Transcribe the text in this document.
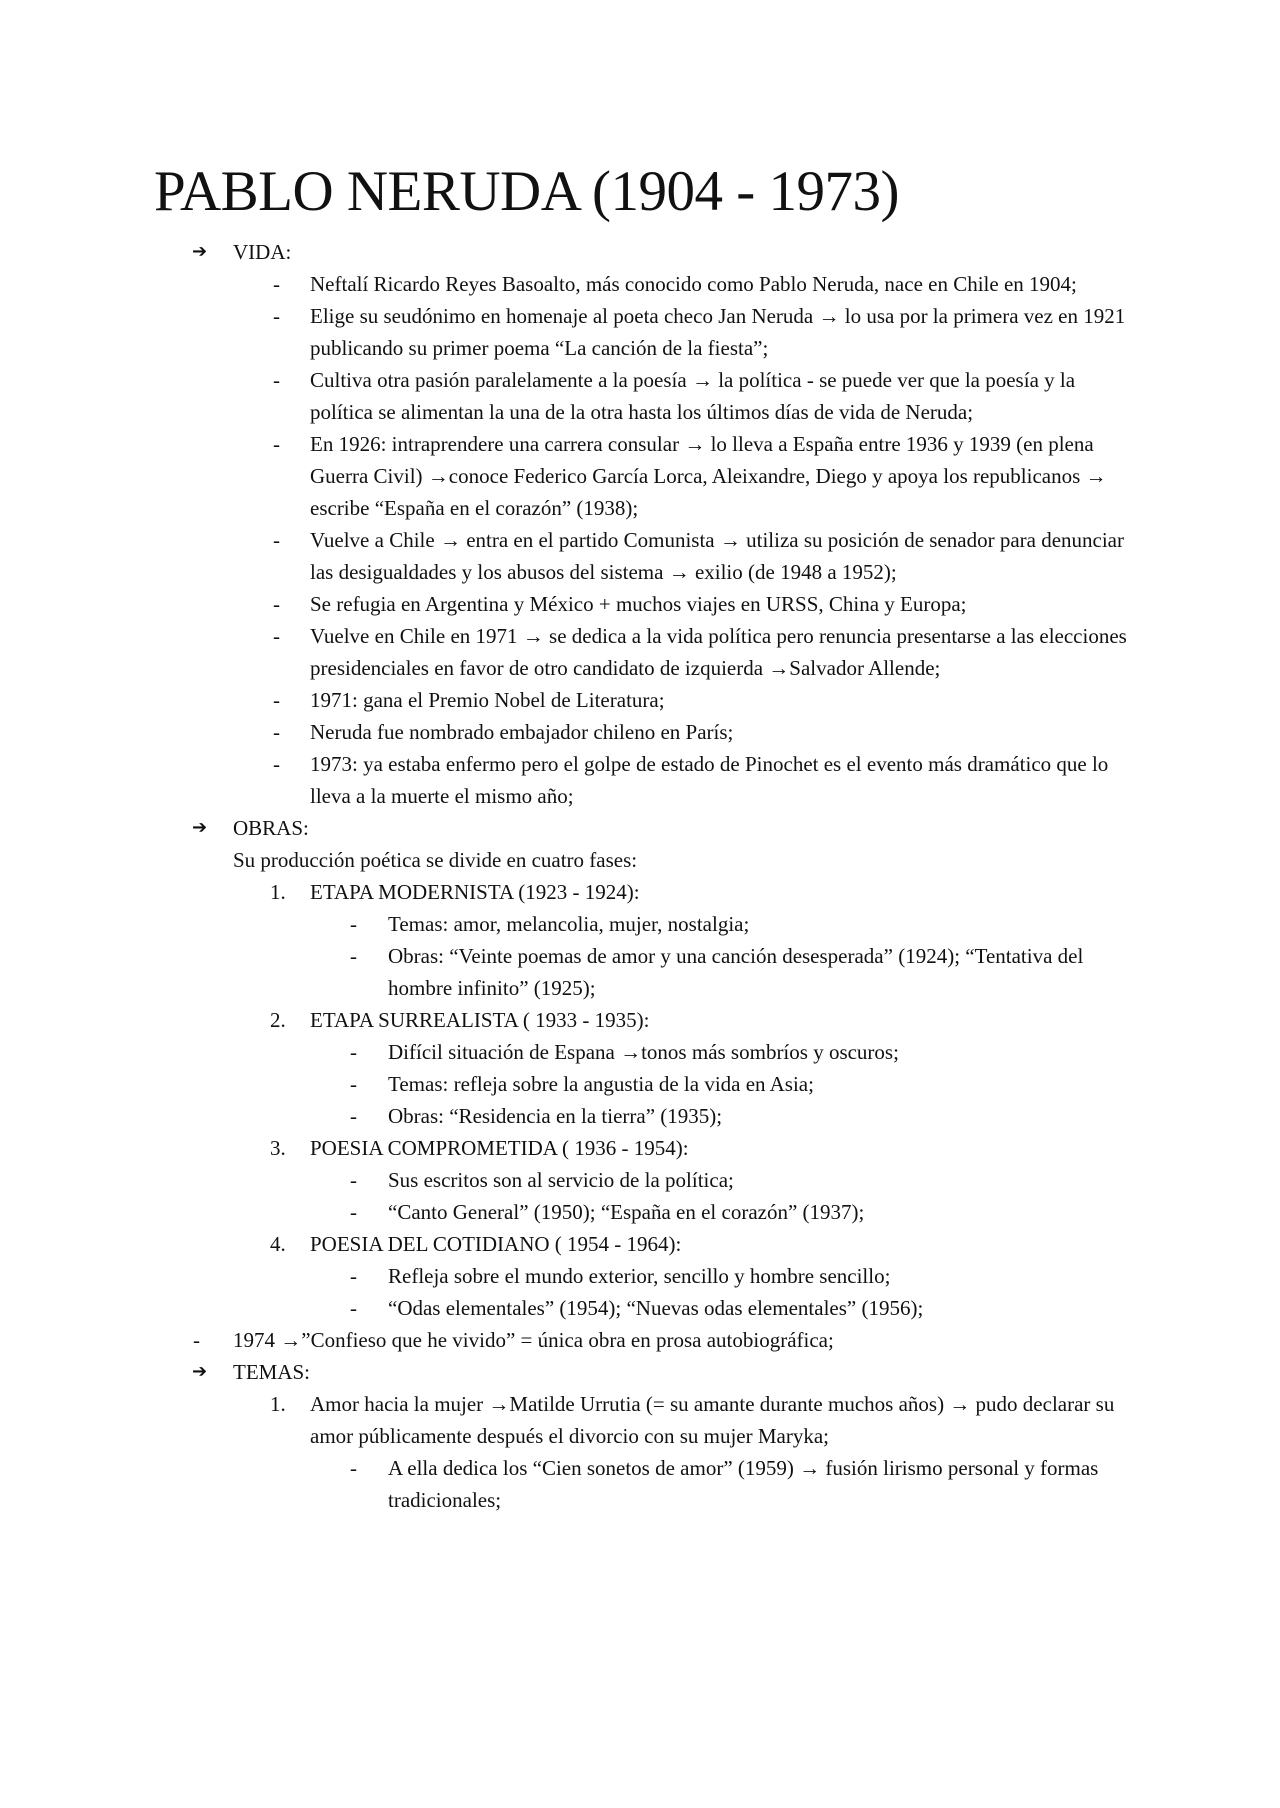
PABLO NERUDA (1904 - 1973)
➔ VIDA:
- Neftalí Ricardo Reyes Basoalto, más conocido como Pablo Neruda, nace en Chile en 1904;
- Elige su seudónimo en homenaje al poeta checo Jan Neruda → lo usa por la primera vez en 1921 publicando su primer poema “La canción de la fiesta”;
- Cultiva otra pasión paralelamente a la poesía → la política - se puede ver que la poesía y la política se alimentan la una de la otra hasta los últimos días de vida de Neruda;
- En 1926: intraprendere una carrera consular → lo lleva a España entre 1936 y 1939 (en plena Guerra Civil) →conoce Federico García Lorca, Aleixandre, Diego y apoya los republicanos → escribe “España en el corazón” (1938);
- Vuelve a Chile → entra en el partido Comunista → utiliza su posición de senador para denunciar las desigualdades y los abusos del sistema → exilio (de 1948 a 1952);
- Se refugia en Argentina y México + muchos viajes en URSS, China y Europa;
- Vuelve en Chile en 1971 → se dedica a la vida política pero renuncia presentarse a las elecciones presidenciales en favor de otro candidato de izquierda →Salvador Allende;
- 1971: gana el Premio Nobel de Literatura;
- Neruda fue nombrado embajador chileno en París;
- 1973: ya estaba enfermo pero el golpe de estado de Pinochet es el evento más dramático que lo lleva a la muerte el mismo año;
➔ OBRAS:
Su producción poética se divide en cuatro fases:
1. ETAPA MODERNISTA (1923 - 1924):
- Temas: amor, melancolia, mujer, nostalgia;
- Obras: “Veinte poemas de amor y una canción desesperada” (1924); “Tentativa del hombre infinito” (1925);
2. ETAPA SURREALISTA ( 1933 - 1935):
- Difícil situación de Espana →tonos más sombríos y oscuros;
- Temas: refleja sobre la angustia de la vida en Asia;
- Obras: “Residencia en la tierra” (1935);
3. POESIA COMPROMETIDA ( 1936 - 1954):
- Sus escritos son al servicio de la política;
- “Canto General” (1950); “España en el corazón” (1937);
4. POESIA DEL COTIDIANO ( 1954 - 1964):
- Refleja sobre el mundo exterior, sencillo y hombre sencillo;
- “Odas elementales” (1954); “Nuevas odas elementales” (1956);
- 1974 →”Confieso que he vivido” = única obra en prosa autobiográfica;
➔ TEMAS:
1. Amor hacia la mujer →Matilde Urrutia (= su amante durante muchos años) → pudo declarar su amor públicamente después el divorcio con su mujer Maryka;
- A ella dedica los “Cien sonetos de amor” (1959) → fusión lirismo personal y formas tradicionales;
